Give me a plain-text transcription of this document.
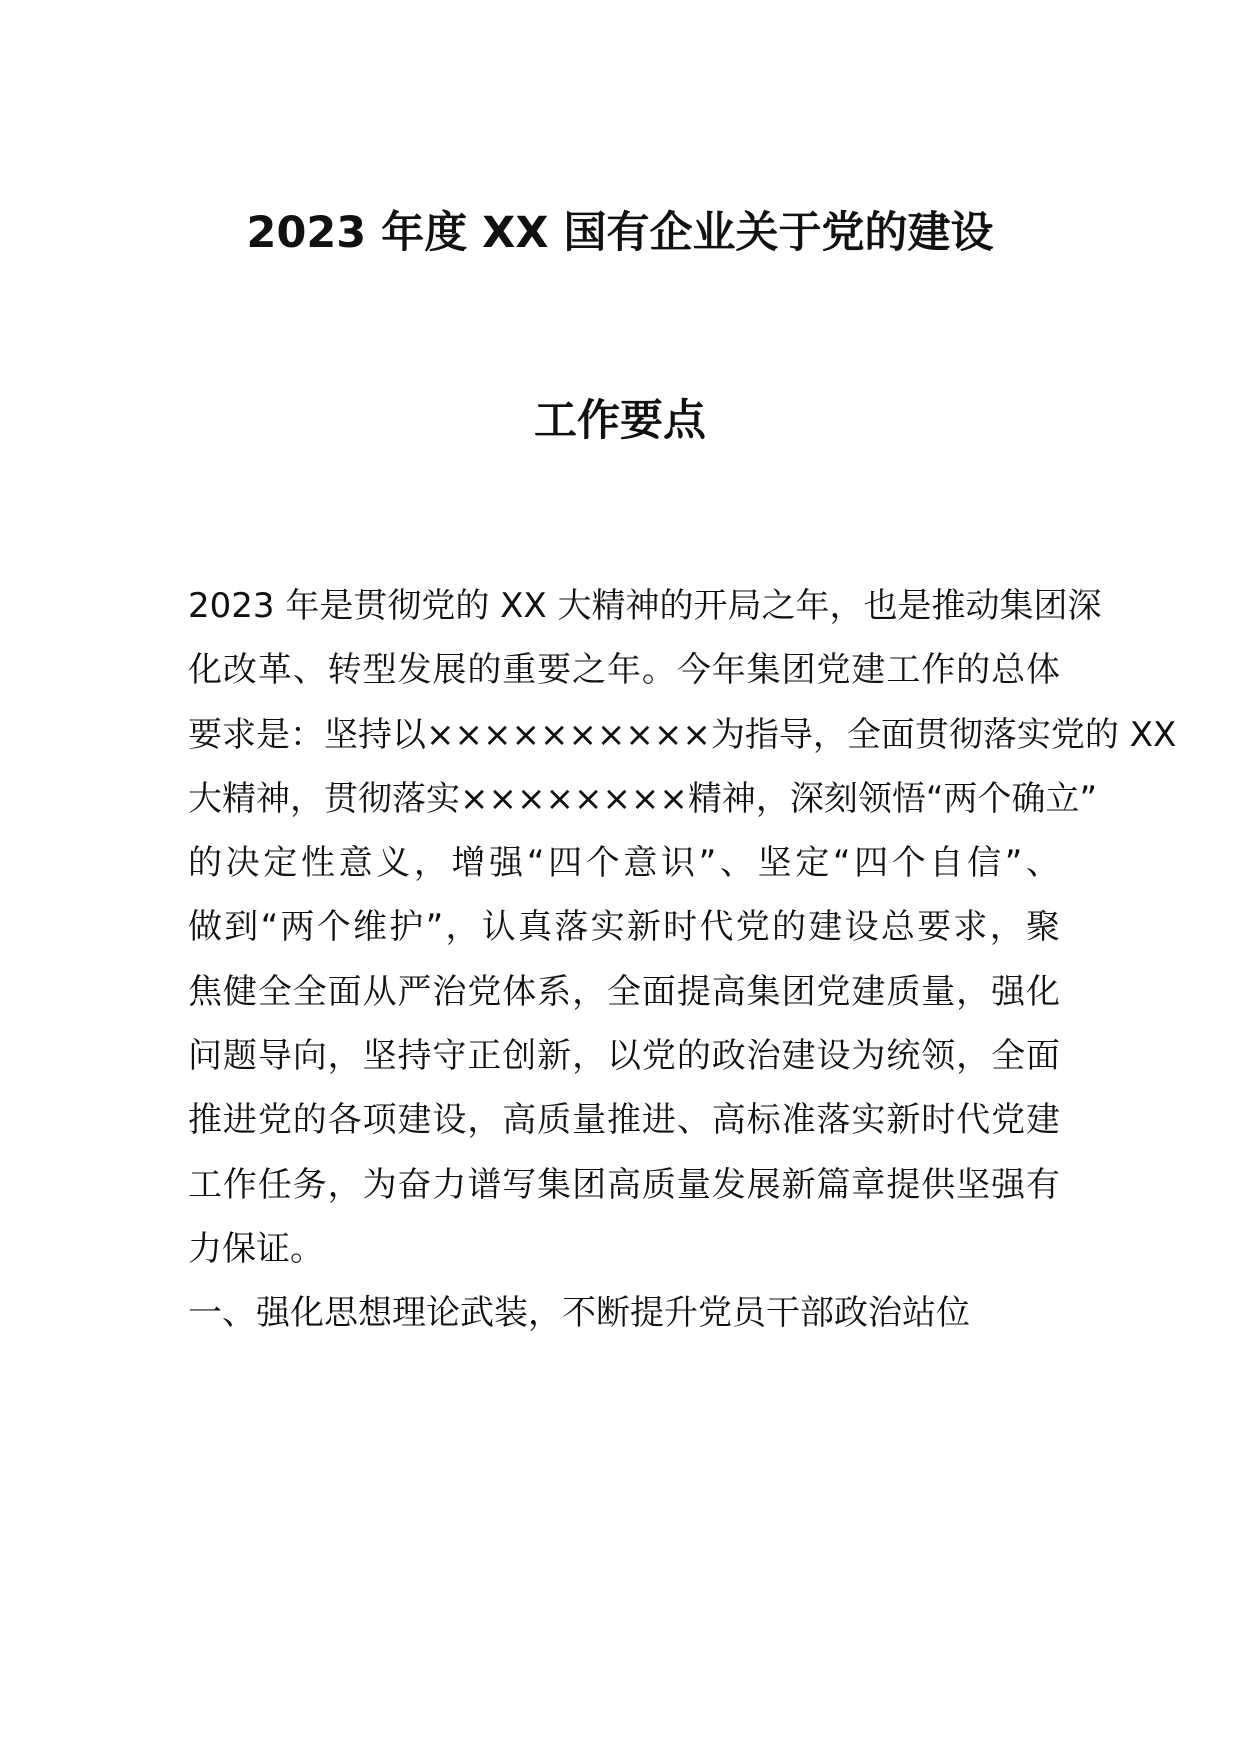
2023 年度 XX 国有企业关于党的建设
工作要点
2023 年是贯彻党的 XX 大精神的开局之年，也是推动集团深
化改革、转型发展的重要之年。今年集团党建工作的总体
要求是：坚持以××××××××××为指导，全面贯彻落实党的 XX
大精神，贯彻落实××××××××精神，深刻领悟“两个确立”
的决定性意义，增强“四个意识”、坚定“四个自信”、
做到“两个维护”，认真落实新时代党的建设总要求，聚
焦健全全面从严治党体系，全面提高集团党建质量，强化
问题导向，坚持守正创新，以党的政治建设为统领，全面
推进党的各项建设，高质量推进、高标准落实新时代党建
工作任务，为奋力谱写集团高质量发展新篇章提供坚强有
力保证。
一、强化思想理论武装，不断提升党员干部政治站位
